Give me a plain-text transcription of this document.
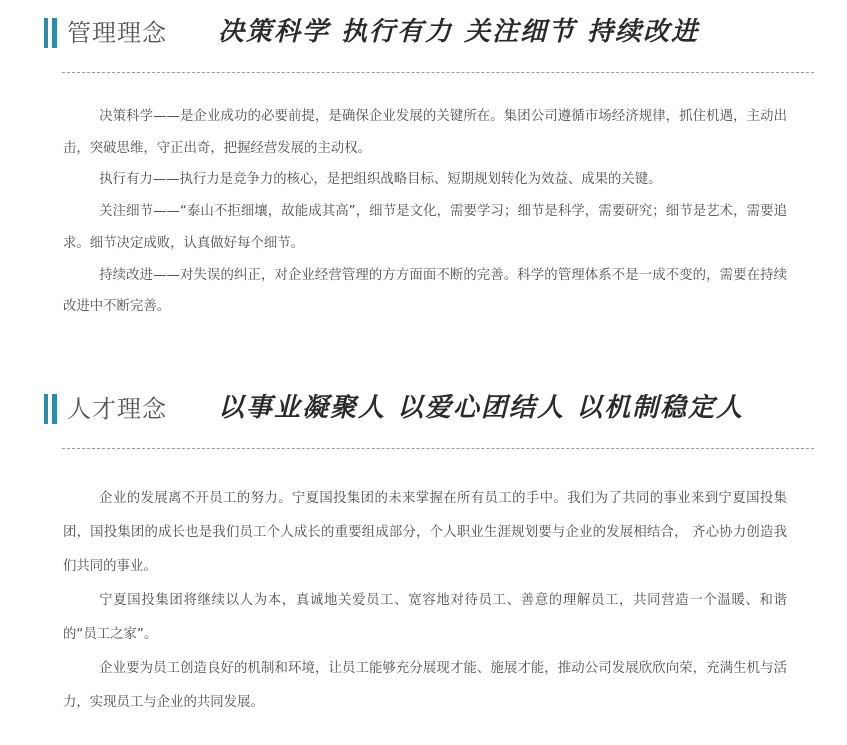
管理理念 决策科学 执行有力 关注细节 持续改进

决策科学——是企业成功的必要前提，是确保企业发展的关键所在。集团公司遵循市场经济规律，抓住机遇，主动出击，突破思维，守正出奇，把握经营发展的主动权。

执行有力——执行力是竞争力的核心，是把组织战略目标、短期规划转化为效益、成果的关键。

关注细节——“泰山不拒细壤，故能成其高”，细节是文化，需要学习；细节是科学，需要研究；细节是艺术，需要追求。细节决定成败，认真做好每个细节。

持续改进——对失误的纠正，对企业经营管理的方方面面不断的完善。科学的管理体系不是一成不变的，需要在持续改进中不断完善。

人才理念 以事业凝聚人 以爱心团结人 以机制稳定人

企业的发展离不开员工的努力。宁夏国投集团的未来掌握在所有员工的手中。我们为了共同的事业来到宁夏国投集团，国投集团的成长也是我们员工个人成长的重要组成部分，个人职业生涯规划要与企业的发展相结合， 齐心协力创造我们共同的事业。

宁夏国投集团将继续以人为本，真诚地关爱员工、宽容地对待员工、善意的理解员工，共同营造一个温暖、和谐的“员工之家”。

企业要为员工创造良好的机制和环境，让员工能够充分展现才能、施展才能，推动公司发展欣欣向荣，充满生机与活力，实现员工与企业的共同发展。
